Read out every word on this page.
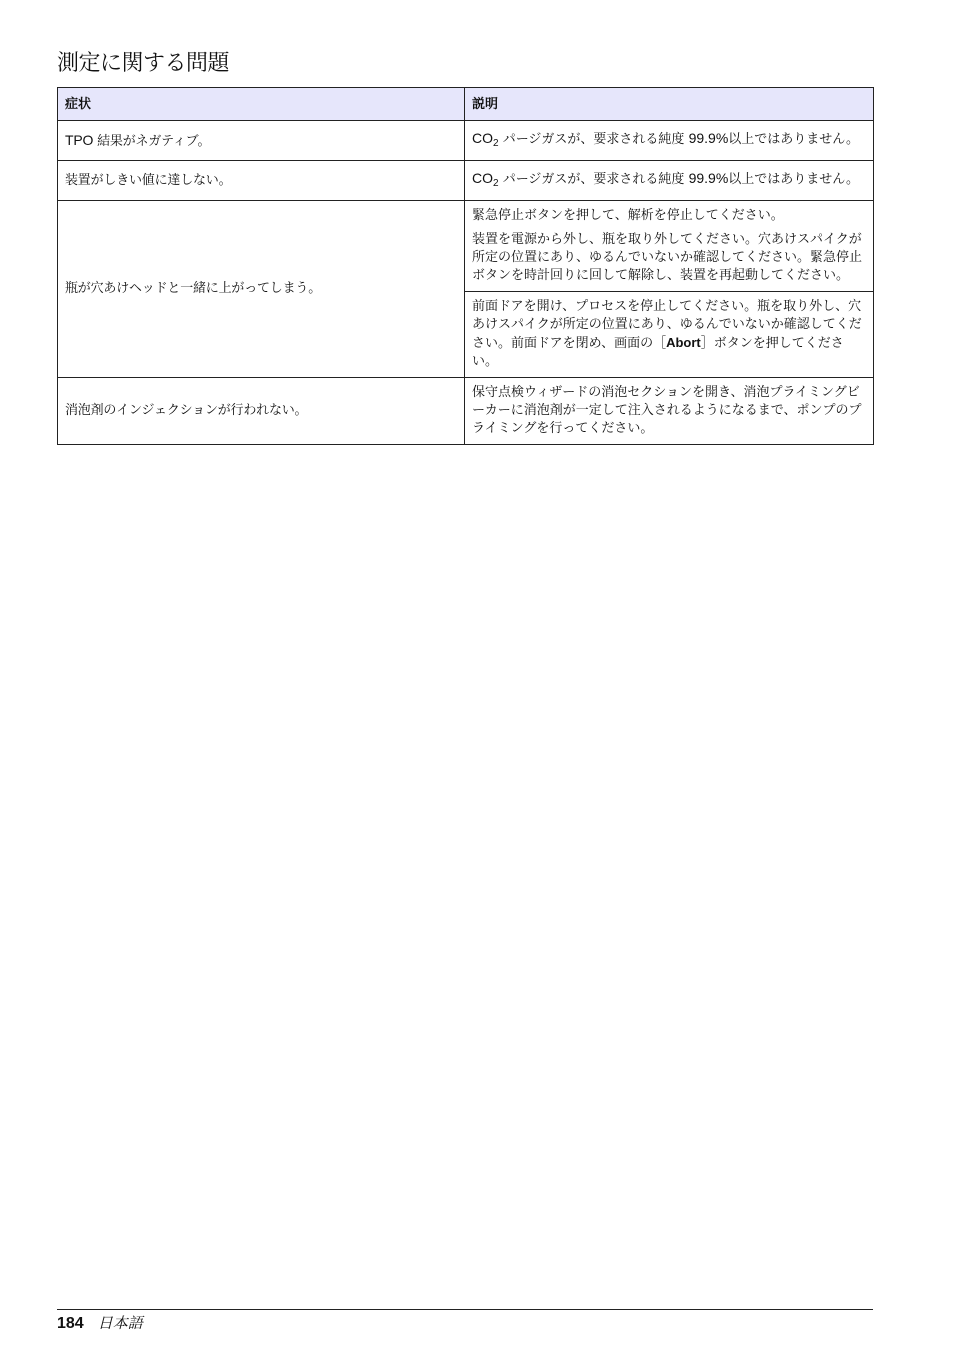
測定に関する問題
症状	説明
TPO 結果がネガティブ。	$CO_2$ パージガスが、要求される純度 99.9%以上ではありません。
装置がしきい値に達しない。	$CO_2$ パージガスが、要求される純度 99.9%以上ではありません。
瓶が穴あけヘッドと一緒に上がってしまう。	緊急停止ボタンを押して、解析を停止してください。

装置を電源から外し、瓶を取り外してください。穴あけスパイクが所定の位置にあり、ゆるんでいないか確認してください。緊急停止ボタンを時計回りに回して解除し、装置を再起動してください。

	前面ドアを開け、プロセスを停止してください。瓶を取り外し、穴あけスパイクが所定の位置にあり、ゆるんでいないか確認してください。前面ドアを閉め、画面の［Abort］ボタンを押してください。
消泡剤のインジェクションが行われない。	保守点検ウィザードの消泡セクションを開き、消泡プライミングビーカーに消泡剤が一定して注入されるようになるまで、ポンプのプライミングを行ってください。
184 日本語
